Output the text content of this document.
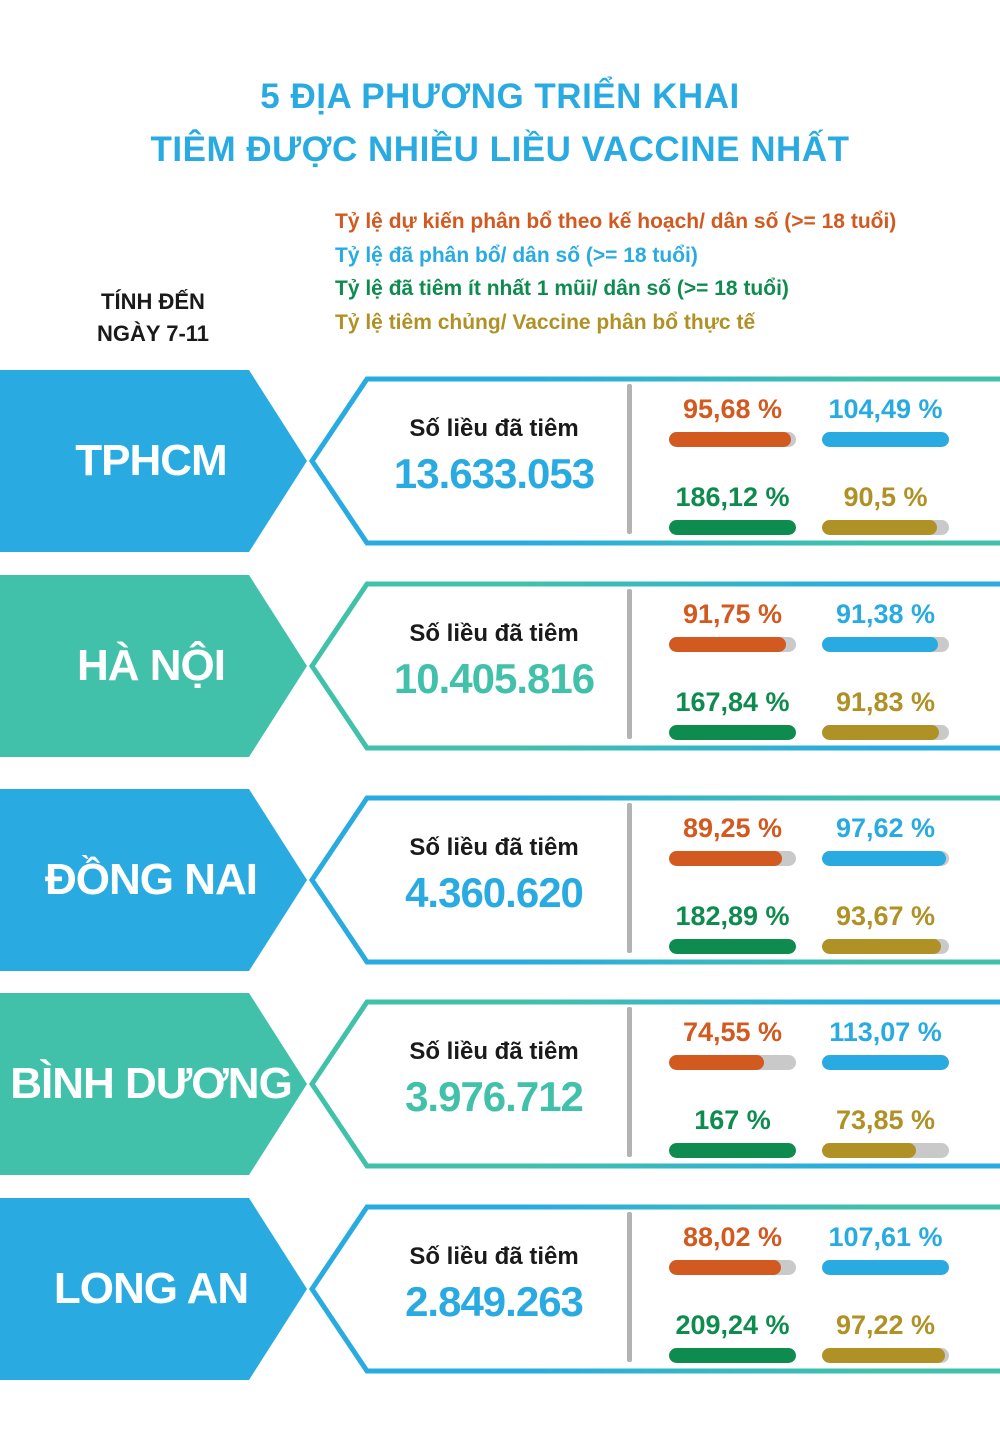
5 ĐỊA PHƯƠNG TRIỂN KHAI
TIÊM ĐƯỢC NHIỀU LIỀU VACCINE NHẤT
TÍNH ĐẾN
NGÀY 7-11
Tỷ lệ dự kiến phân bổ theo kế hoạch/ dân số (>= 18 tuổi)
Tỷ lệ đã phân bổ/ dân số (>= 18 tuổi)
Tỷ lệ đã tiêm ít nhất 1 mũi/ dân số (>= 18 tuổi)
Tỷ lệ tiêm chủng/ Vaccine phân bổ thực tế
TPHCM
Số liều đã tiêm
13.633.053
95,68 % 104,49 %
186,12 % 90,5 %
HÀ NỘI
Số liều đã tiêm
10.405.816
91,75 % 91,38 %
167,84 % 91,83 %
ĐỒNG NAI
Số liều đã tiêm
4.360.620
89,25 % 97,62 %
182,89 % 93,67 %
BÌNH DƯƠNG
Số liều đã tiêm
3.976.712
74,55 % 113,07 %
167 % 73,85 %
LONG AN
Số liều đã tiêm
2.849.263
88,02 % 107,61 %
209,24 % 97,22 %
